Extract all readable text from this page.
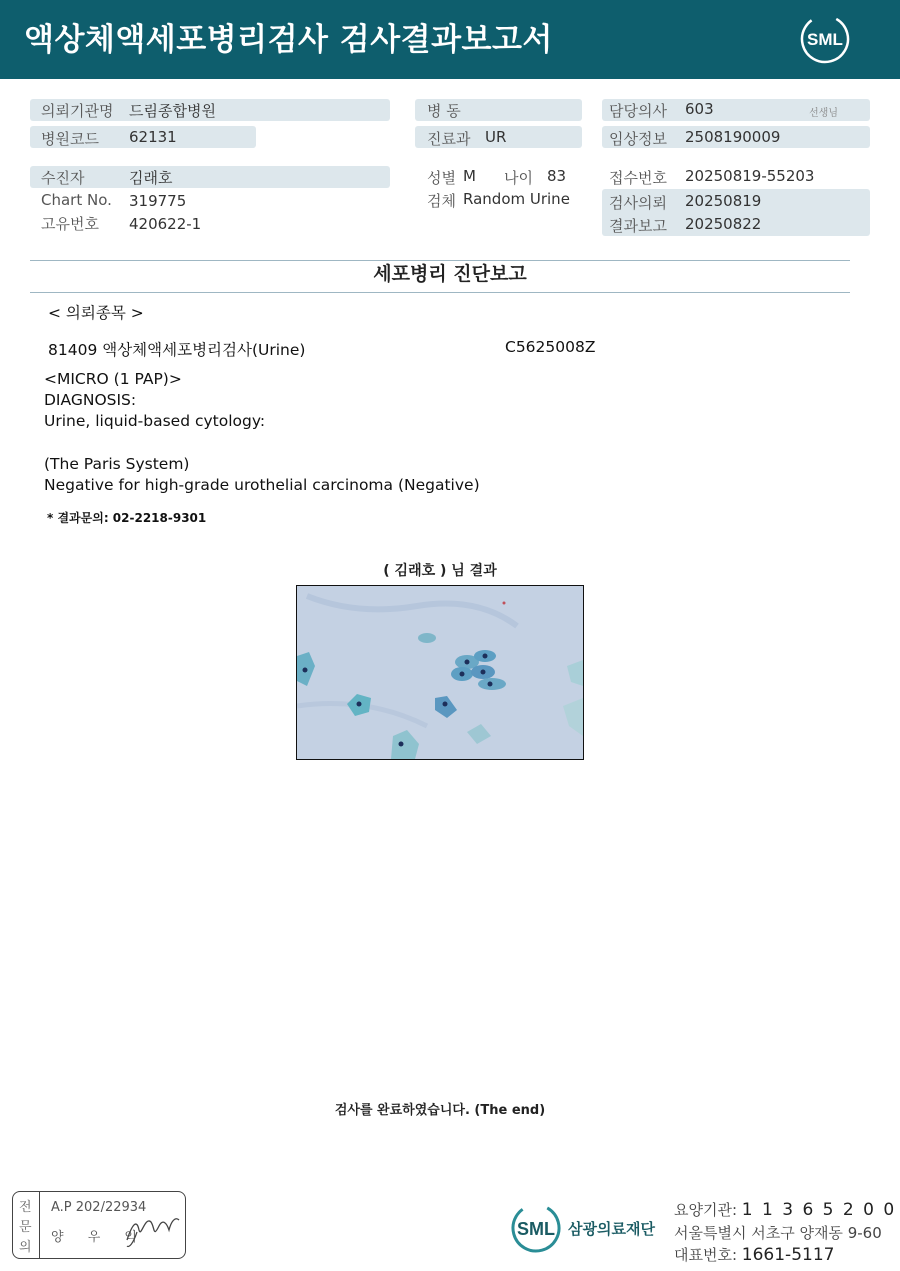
액상체액세포병리검사 검사결과보고서	SML
의뢰기관명 드림종합병원
병원코드 62131
수진자	김래호
Chart No. 319775
고유번호 420622-1
병 동
진료과 UR
성별 M 나이 83
검체 Random Urine
담당의사 603	선생님
임상정보 2508190009
접수번호 20250819-55203
검사의뢰 20250819
결과보고 20250822
세포병리 진단보고
< 의뢰종목 >
81409 액상체액세포병리검사(Urine)	C5625008Z
<MICRO (1 PAP)>
DIAGNOSIS:
Urine, liquid-based cytology:
(The Paris System)
Negative for high-grade urothelial carcinoma (Negative)
* 결과문의: 02-2218-9301
( 김래호 ) 님 결과
검사를 완료하였습니다. (The end)
전
문
의
A.P 202/22934
양 우 익	SML 삼광의료재단
요양기관: 1 1 3 6 5 2 0 0
서울특별시 서초구 양재동 9-60
대표번호: 1661-5117
